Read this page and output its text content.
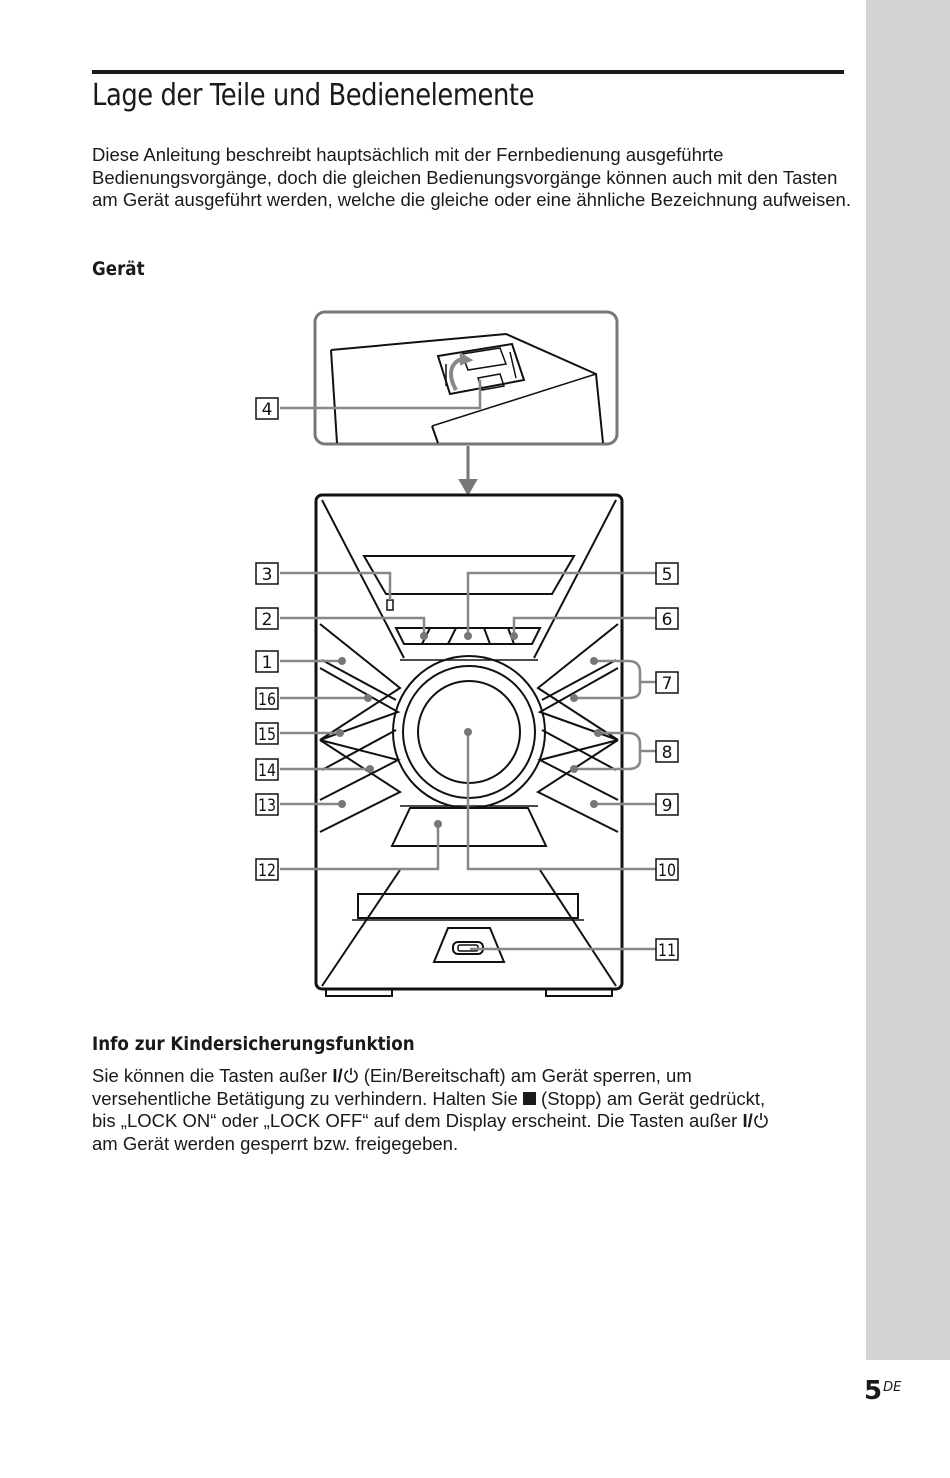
Lage der Teile und Bedienelemente

Diese Anleitung beschreibt hauptsächlich mit der Fernbedienung ausgeführte Bedienungsvorgänge, doch die gleichen Bedienungsvorgänge können auch mit den Tasten am Gerät ausgeführt werden, welche die gleiche oder eine ähnliche Bezeichnung aufweisen.

Gerät
4
3
2
1
16
15
14
13
12
5
6
7
8
9
10
11
Info zur Kindersicherungsfunktion

Sie können die Tasten außer I/ (Ein/Bereitschaft) am Gerät sperren, um
versehentliche Betätigung zu verhindern. Halten Sie  (Stopp) am Gerät gedrückt,
bis „LOCK ON“ oder „LOCK OFF“ auf dem Display erscheint. Die Tasten außer I/
am Gerät werden gesperrt bzw. freigegeben.

5DE
